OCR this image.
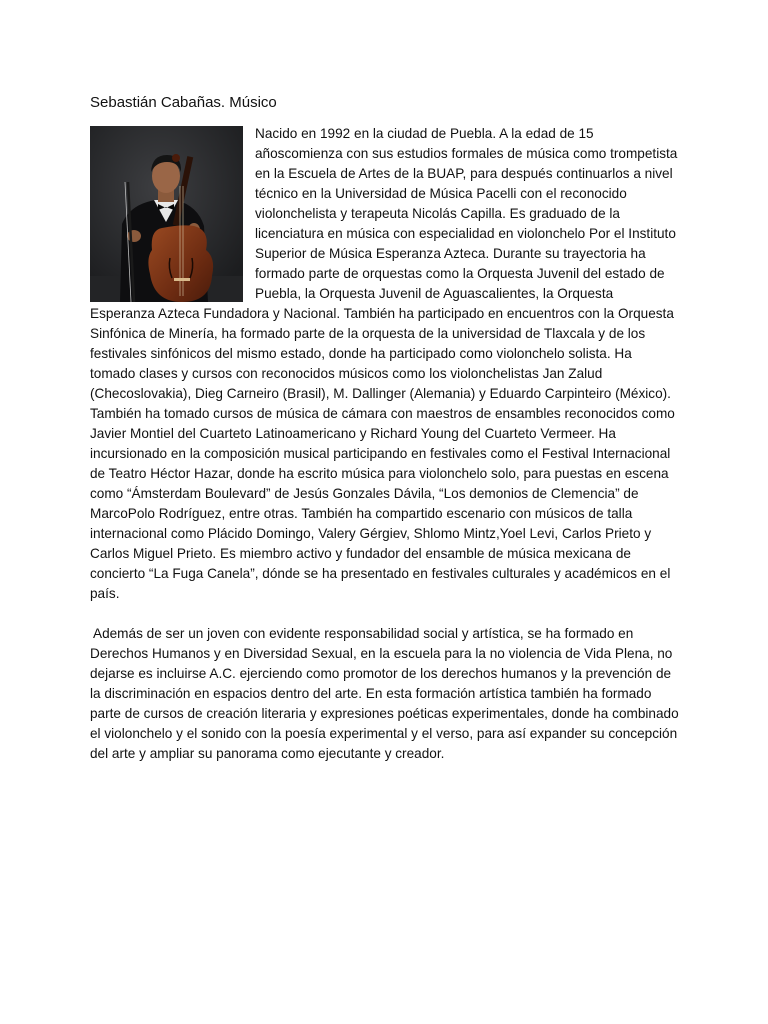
Sebastián Cabañas. Músico

Nacido en 1992 en la ciudad de Puebla. A la edad de 15 añoscomienza con sus estudios formales de música como trompetista en la Escuela de Artes de la BUAP, para después continuarlos a nivel técnico en la Universidad de Música Pacelli con el reconocido violonchelista y terapeuta Nicolás Capilla. Es graduado de la licenciatura en música con especialidad en violonchelo Por el Instituto Superior de Música Esperanza Azteca. Durante su trayectoria ha formado parte de orquestas como la Orquesta Juvenil del estado de Puebla, la Orquesta Juvenil de Aguascalientes, la Orquesta Esperanza Azteca Fundadora y Nacional. También ha participado en encuentros con la Orquesta Sinfónica de Minería, ha formado parte de la orquesta de la universidad de Tlaxcala y de los festivales sinfónicos del mismo estado, donde ha participado como violonchelo solista. Ha tomado clases y cursos con reconocidos músicos como los violonchelistas Jan Zalud (Checoslovakia), Dieg Carneiro (Brasil), M. Dallinger (Alemania) y Eduardo Carpinteiro (México). También ha tomado cursos de música de cámara con maestros de ensambles reconocidos como Javier Montiel del Cuarteto Latinoamericano y Richard Young del Cuarteto Vermeer. Ha incursionado en la composición musical participando en festivales como el Festival Internacional de Teatro Héctor Hazar, donde ha escrito música para violonchelo solo, para puestas en escena como “Ámsterdam Boulevard” de Jesús Gonzales Dávila, “Los demonios de Clemencia” de MarcoPolo Rodríguez, entre otras. También ha compartido escenario con músicos de talla internacional como Plácido Domingo, Valery Gérgiev, Shlomo Mintz,Yoel Levi, Carlos Prieto y Carlos Miguel Prieto. Es miembro activo y fundador del ensamble de música mexicana de concierto “La Fuga Canela”, dónde se ha presentado en festivales culturales y académicos en el país.

Además de ser un joven con evidente responsabilidad social y artística, se ha formado en Derechos Humanos y en Diversidad Sexual, en la escuela para la no violencia de Vida Plena, no dejarse es incluirse A.C. ejerciendo como promotor de los derechos humanos y la prevención de la discriminación en espacios dentro del arte. En esta formación artística también ha formado parte de cursos de creación literaria y expresiones poéticas experimentales, donde ha combinado el violonchelo y el sonido con la poesía experimental y el verso, para así expander su concepción del arte y ampliar su panorama como ejecutante y creador.
